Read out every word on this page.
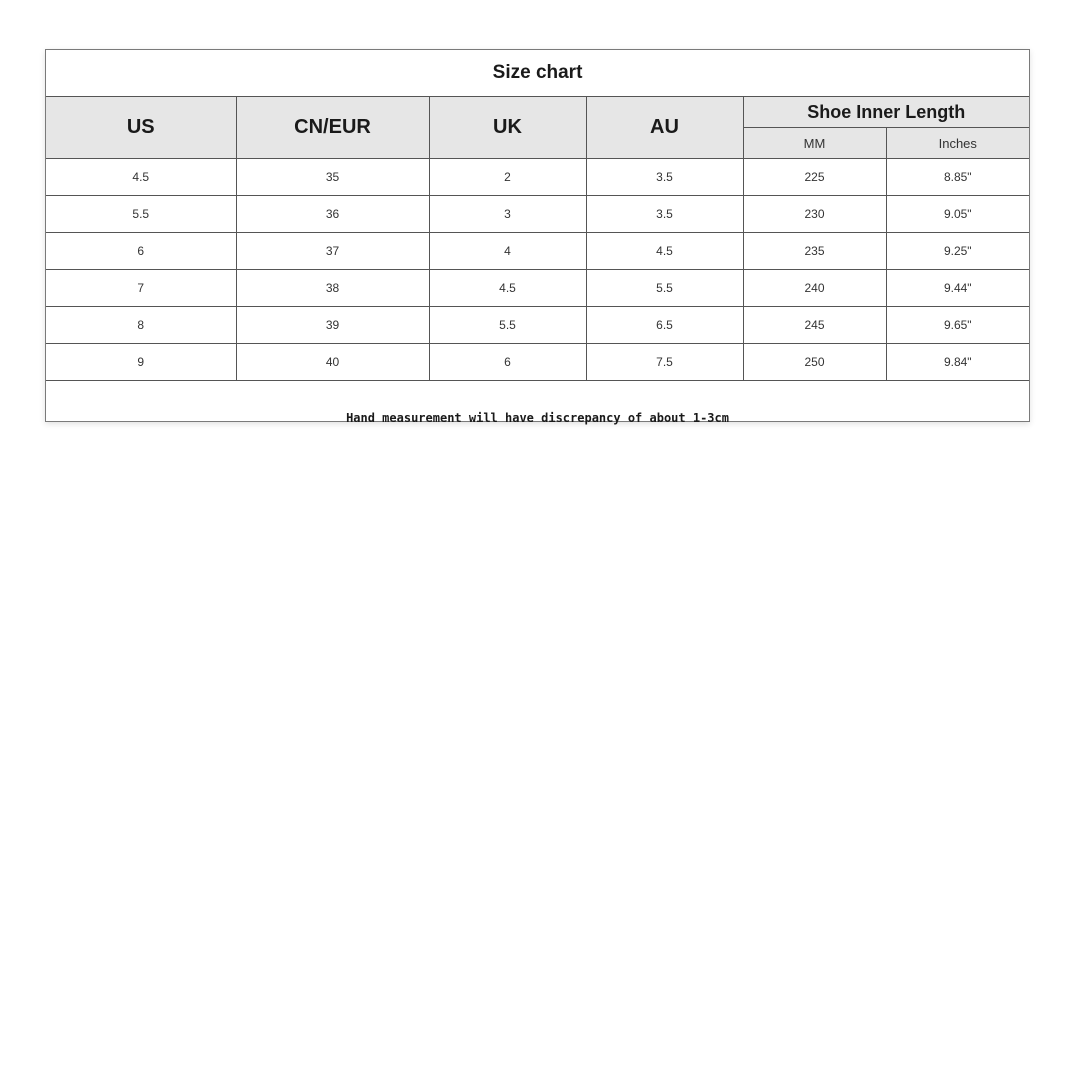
Size chart					
US	CN/EUR	UK	AU	Shoe Inner Length	
				MM	Inches
4.5	35	2	3.5	225	8.85"
5.5	36	3	3.5	230	9.05"
6	37	4	4.5	235	9.25"
7	38	4.5	5.5	240	9.44"
8	39	5.5	6.5	245	9.65"
9	40	6	7.5	250	9.84"
Hand measurement will have discrepancy of about 1-3cm					
